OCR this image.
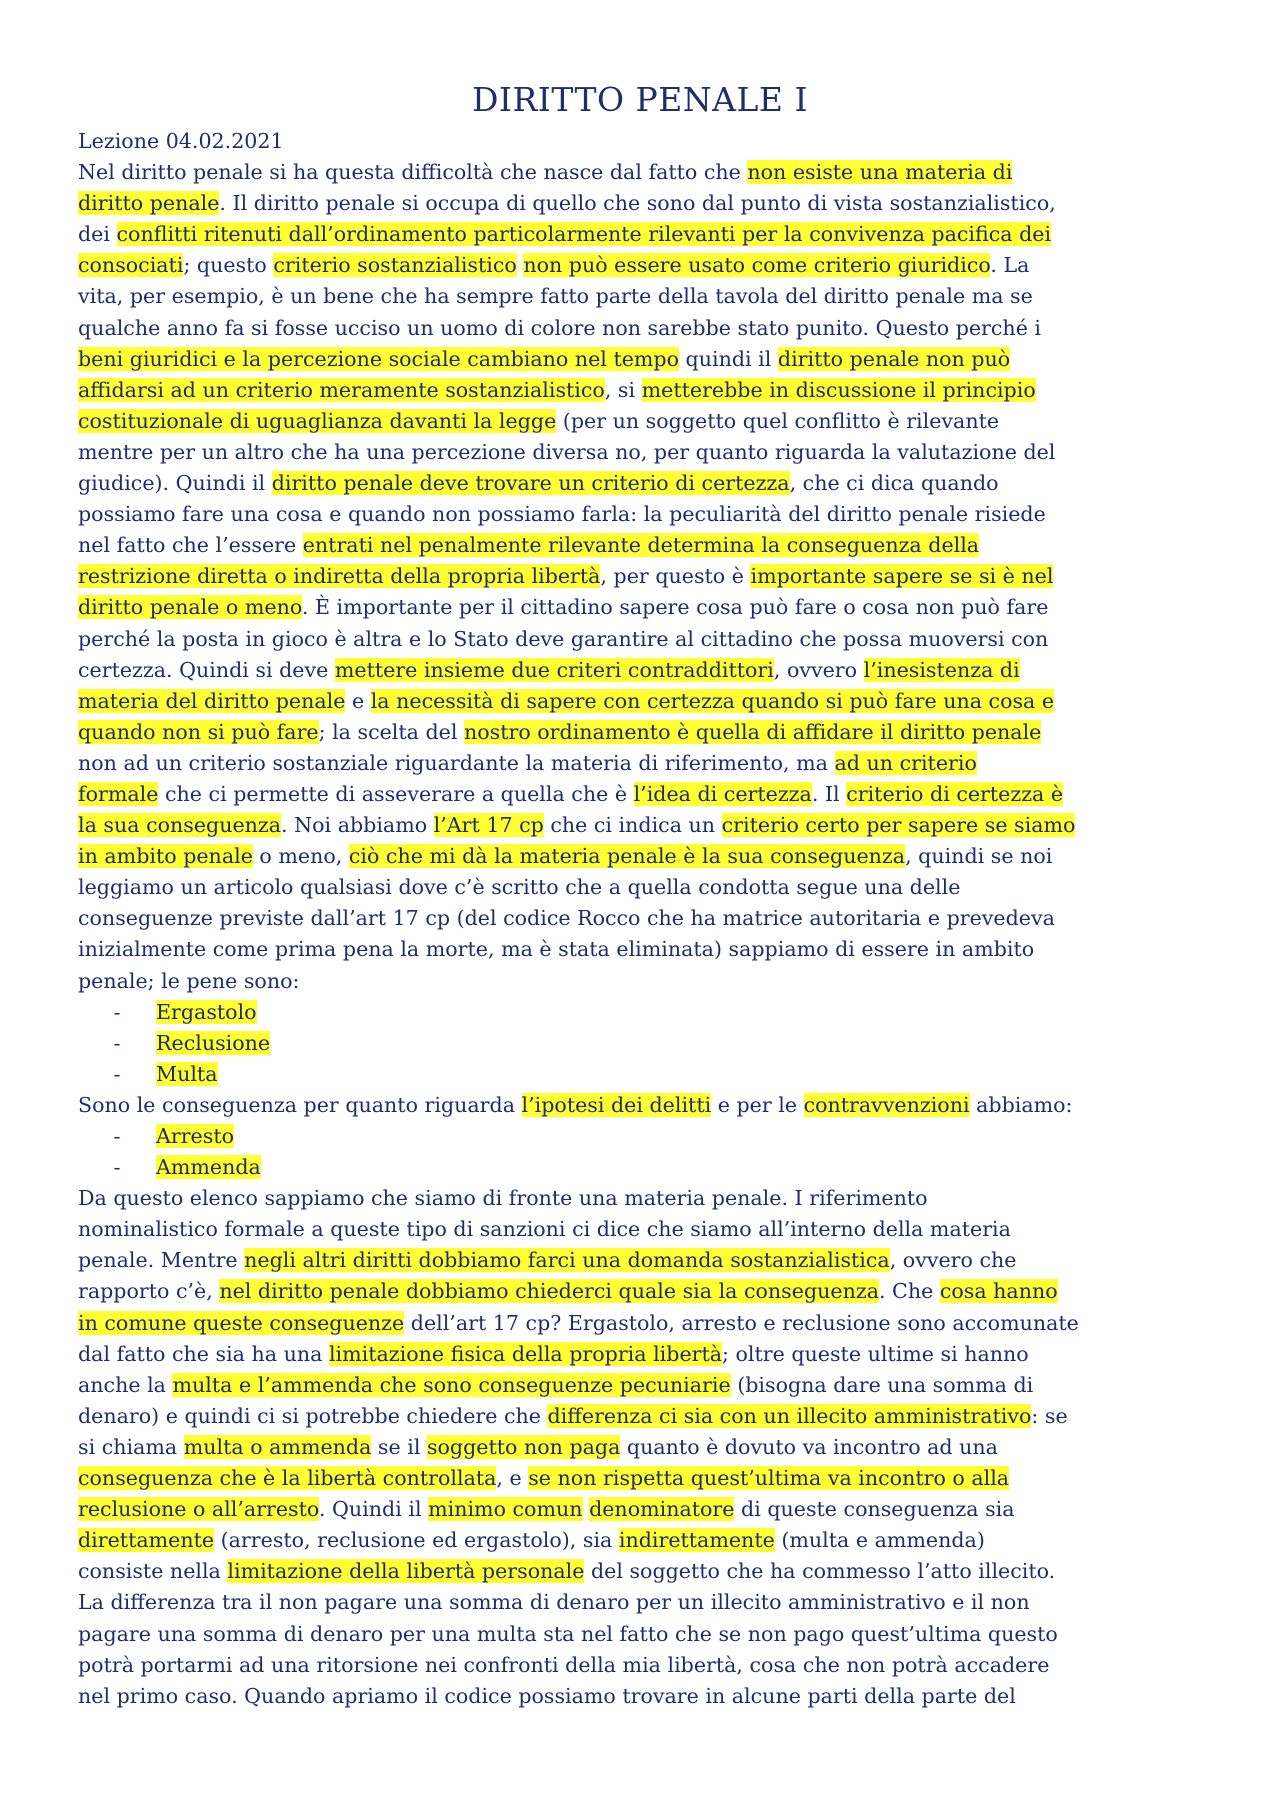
DIRITTO PENALE I
Lezione 04.02.2021
Nel diritto penale si ha questa difficoltà che nasce dal fatto che non esiste una materia di
diritto penale. Il diritto penale si occupa di quello che sono dal punto di vista sostanzialistico,
dei conflitti ritenuti dall’ordinamento particolarmente rilevanti per la convivenza pacifica dei
consociati; questo criterio sostanzialistico non può essere usato come criterio giuridico. La
vita, per esempio, è un bene che ha sempre fatto parte della tavola del diritto penale ma se
qualche anno fa si fosse ucciso un uomo di colore non sarebbe stato punito. Questo perché i
beni giuridici e la percezione sociale cambiano nel tempo quindi il diritto penale non può
affidarsi ad un criterio meramente sostanzialistico, si metterebbe in discussione il principio
costituzionale di uguaglianza davanti la legge (per un soggetto quel conflitto è rilevante
mentre per un altro che ha una percezione diversa no, per quanto riguarda la valutazione del
giudice). Quindi il diritto penale deve trovare un criterio di certezza, che ci dica quando
possiamo fare una cosa e quando non possiamo farla: la peculiarità del diritto penale risiede
nel fatto che l’essere entrati nel penalmente rilevante determina la conseguenza della
restrizione diretta o indiretta della propria libertà, per questo è importante sapere se si è nel
diritto penale o meno. È importante per il cittadino sapere cosa può fare o cosa non può fare
perché la posta in gioco è altra e lo Stato deve garantire al cittadino che possa muoversi con
certezza. Quindi si deve mettere insieme due criteri contraddittori, ovvero l’inesistenza di
materia del diritto penale e la necessità di sapere con certezza quando si può fare una cosa e
quando non si può fare; la scelta del nostro ordinamento è quella di affidare il diritto penale
non ad un criterio sostanziale riguardante la materia di riferimento, ma ad un criterio
formale che ci permette di asseverare a quella che è l’idea di certezza. Il criterio di certezza è
la sua conseguenza. Noi abbiamo l’Art 17 cp che ci indica un criterio certo per sapere se siamo
in ambito penale o meno, ciò che mi dà la materia penale è la sua conseguenza, quindi se noi
leggiamo un articolo qualsiasi dove c’è scritto che a quella condotta segue una delle
conseguenze previste dall’art 17 cp (del codice Rocco che ha matrice autoritaria e prevedeva
inizialmente come prima pena la morte, ma è stata eliminata) sappiamo di essere in ambito
penale; le pene sono:
- Ergastolo
- Reclusione
- Multa
Sono le conseguenza per quanto riguarda l’ipotesi dei delitti e per le contravvenzioni abbiamo:
- Arresto
- Ammenda
Da questo elenco sappiamo che siamo di fronte una materia penale. I riferimento
nominalistico formale a queste tipo di sanzioni ci dice che siamo all’interno della materia
penale. Mentre negli altri diritti dobbiamo farci una domanda sostanzialistica, ovvero che
rapporto c’è, nel diritto penale dobbiamo chiederci quale sia la conseguenza. Che cosa hanno
in comune queste conseguenze dell’art 17 cp? Ergastolo, arresto e reclusione sono accomunate
dal fatto che sia ha una limitazione fisica della propria libertà; oltre queste ultime si hanno
anche la multa e l’ammenda che sono conseguenze pecuniarie (bisogna dare una somma di
denaro) e quindi ci si potrebbe chiedere che differenza ci sia con un illecito amministrativo: se
si chiama multa o ammenda se il soggetto non paga quanto è dovuto va incontro ad una
conseguenza che è la libertà controllata, e se non rispetta quest’ultima va incontro o alla
reclusione o all’arresto. Quindi il minimo comun denominatore di queste conseguenza sia
direttamente (arresto, reclusione ed ergastolo), sia indirettamente (multa e ammenda)
consiste nella limitazione della libertà personale del soggetto che ha commesso l’atto illecito.
La differenza tra il non pagare una somma di denaro per un illecito amministrativo e il non
pagare una somma di denaro per una multa sta nel fatto che se non pago quest’ultima questo
potrà portarmi ad una ritorsione nei confronti della mia libertà, cosa che non potrà accadere
nel primo caso. Quando apriamo il codice possiamo trovare in alcune parti della parte del
